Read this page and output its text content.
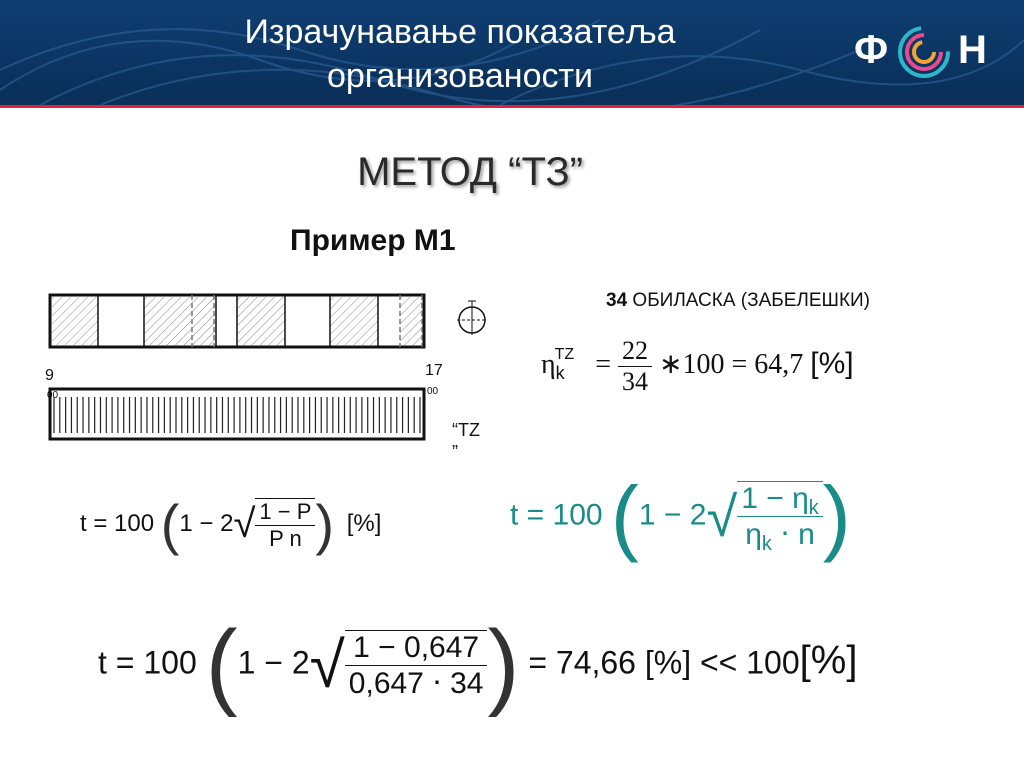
Израчунавање показатеља
организованости
Ф Н
МЕТОД “ТЗ”
Пример М1
9
00
17
00
“TZ
”
34 ОБИЛАСКА (ЗАБЕЛЕШКИ)
$\eta_k^{TZ} = \frac{22}{34}$ ∗100 = 64,7 [%]
t = 100 ($1 - 2√ \frac{1 - P}{\text{P n}}$ ) [%]	t = 100 ($1 - 2√ \frac{1 - \eta_k}{\eta_k \cdot n}$ )
t = 100 ($1 - 2√ \frac{1 - 0,647}{0,647 \cdot 34}$ ) = 74,66 [%] << 100[%]
